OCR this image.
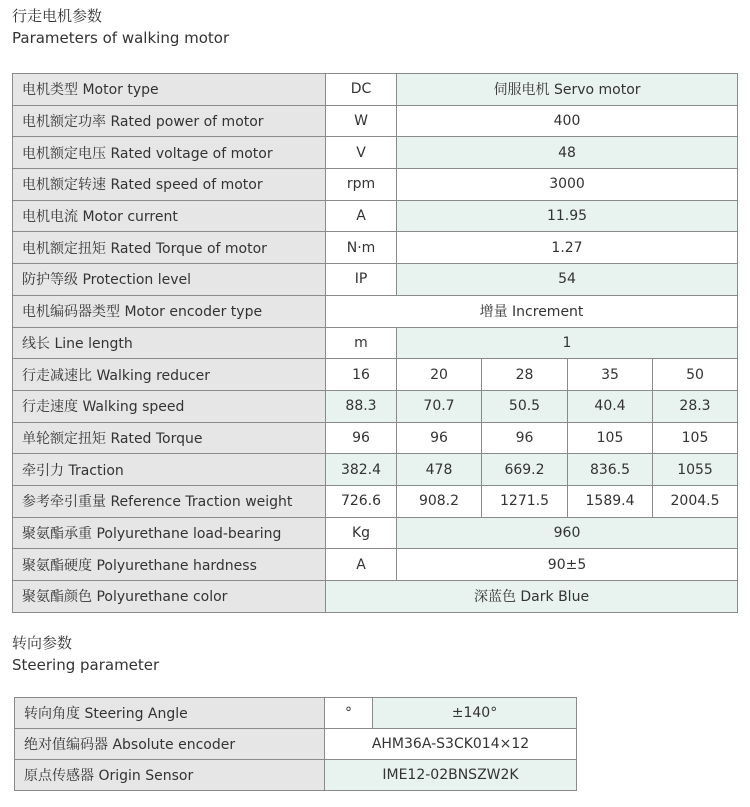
行走电机参数
Parameters of walking motor
电机类型 Motor type	DC	伺服电机 Servo motor			
电机额定功率 Rated power of motor	W	400			
电机额定电压 Rated voltage of motor	V	48			
电机额定转速 Rated speed of motor	rpm	3000			
电机电流 Motor current	A	11.95			
电机额定扭矩 Rated Torque of motor	N·m	1.27			
防护等级 Protection level	IP	54			
电机编码器类型 Motor encoder type	增量 Increment				
线长 Line length	m	1			
行走减速比 Walking reducer	16	20	28	35	50
行走速度 Walking speed	88.3	70.7	50.5	40.4	28.3
单轮额定扭矩 Rated Torque	96	96	96	105	105
牵引力 Traction	382.4	478	669.2	836.5	1055
参考牵引重量 Reference Traction weight	726.6	908.2	1271.5	1589.4	2004.5
聚氨酯承重 Polyurethane load-bearing	Kg	960			
聚氨酯硬度 Polyurethane hardness	A	90±5			
聚氨酯颜色 Polyurethane color	深蓝色 Dark Blue				
转向参数
Steering parameter
转向角度 Steering Angle	°	±140°
绝对值编码器 Absolute encoder	AHM36A-S3CK014×12	
原点传感器 Origin Sensor	IME12-02BNSZW2K	
